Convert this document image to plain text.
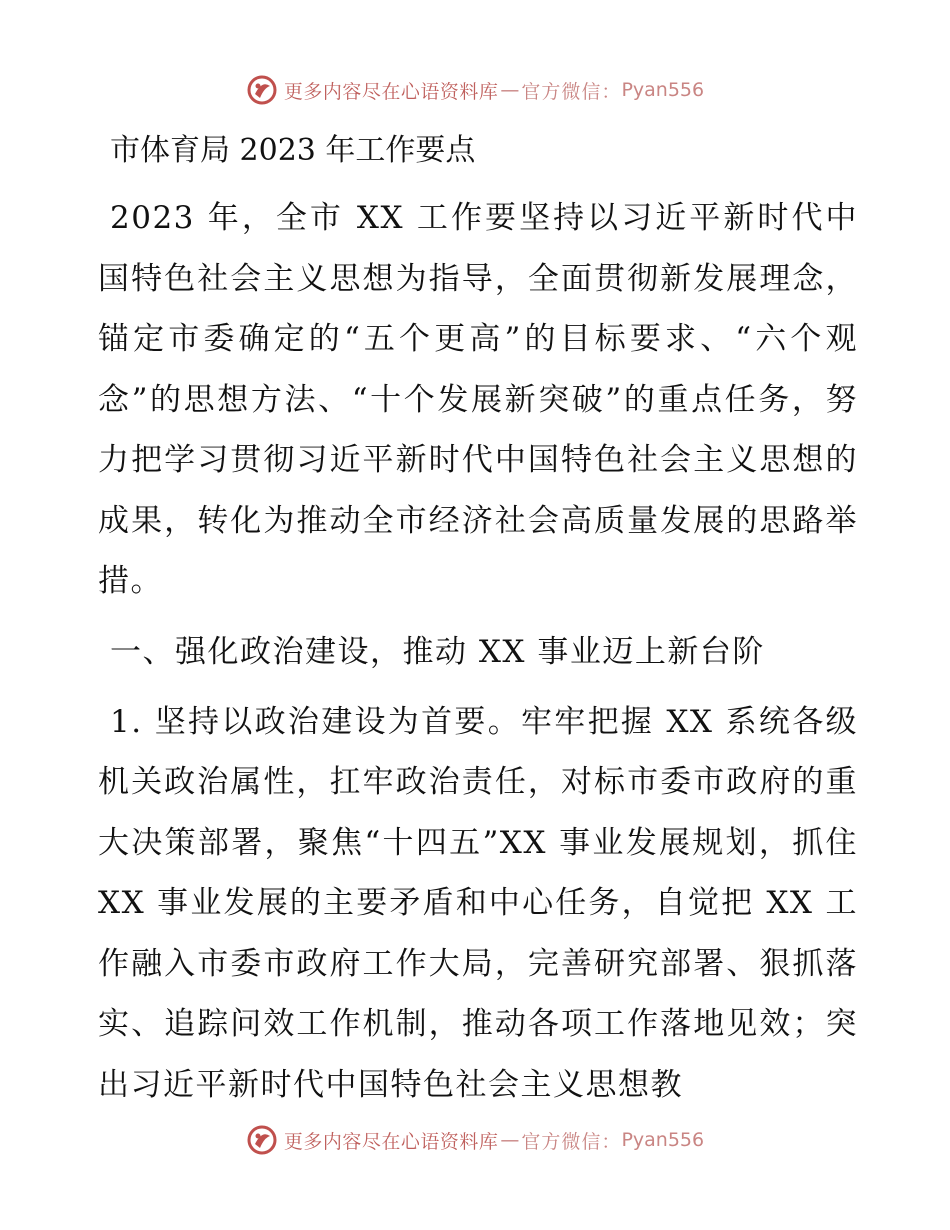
更多内容尽在心语资料库 — 官方微信： Pyan556
市体育局 2023 年工作要点

2023 年，全市 XX 工作要坚持以习近平新时代中国特色社会主义思想为指导，全面贯彻新发展理念，锚定市委确定的“五个更高”的目标要求、“六个观念”的思想方法、“十个发展新突破”的重点任务，努力把学习贯彻习近平新时代中国特色社会主义思想的成果，转化为推动全市经济社会高质量发展的思路举措。

一、强化政治建设，推动 XX 事业迈上新台阶

1. 坚持以政治建设为首要。牢牢把握 XX 系统各级机关政治属性，扛牢政治责任，对标市委市政府的重大决策部署，聚焦“十四五”XX 事业发展规划，抓住 XX 事业发展的主要矛盾和中心任务，自觉把 XX 工作融入市委市政府工作大局，完善研究部署、狠抓落实、追踪问效工作机制，推动各项工作落地见效；突出习近平新时代中国特色社会主义思想教

更多内容尽在心语资料库 — 官方微信： Pyan556
